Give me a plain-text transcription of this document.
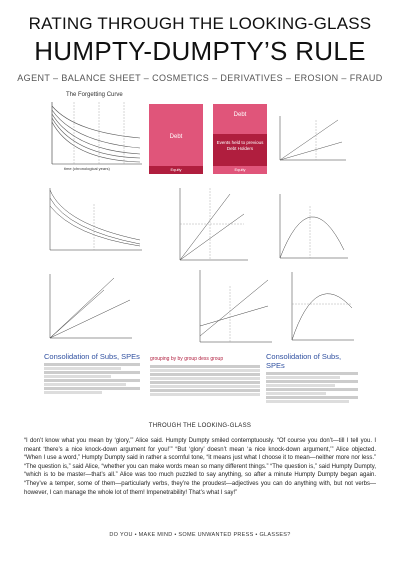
RATING THROUGH THE LOOKING-GLASS
HUMPTY-DUMPTY’S RULE
AGENT – BALANCE SHEET – COSMETICS – DERIVATIVES – EROSION – FRAUD
The Forgetting Curve
time (chronological years)
Debt
Equity
Debt
Events held to previous Debt Holders
Equity
Consolidation of Subs, SPEs grouping by by group dess group	Consolidation of Subs, SPEs
THROUGH THE LOOKING-GLASS
“I don’t know what you mean by ‘glory,’” Alice said. Humpty Dumpty smiled contemptuously. “Of course you don’t—till I tell you. I meant ‘there’s a nice knock-down argument for you!’” “But ‘glory’ doesn’t mean ‘a nice knock-down argument,’” Alice objected. “When I use a word,” Humpty Dumpty said in rather a scornful tone, “it means just what I choose it to mean—neither more nor less.” “The question is,” said Alice, “whether you can make words mean so many different things.” “The question is,” said Humpty Dumpty, “which is to be master—that’s all.” Alice was too much puzzled to say anything, so after a minute Humpty Dumpty began again. “They’ve a temper, some of them—particularly verbs, they’re the proudest—adjectives you can do anything with, but not verbs—however, I can manage the whole lot of them! Impenetrability! That’s what I say!”
DO YOU • MAKE MIND • SOME UNWANTED PRESS • GLASSES?
